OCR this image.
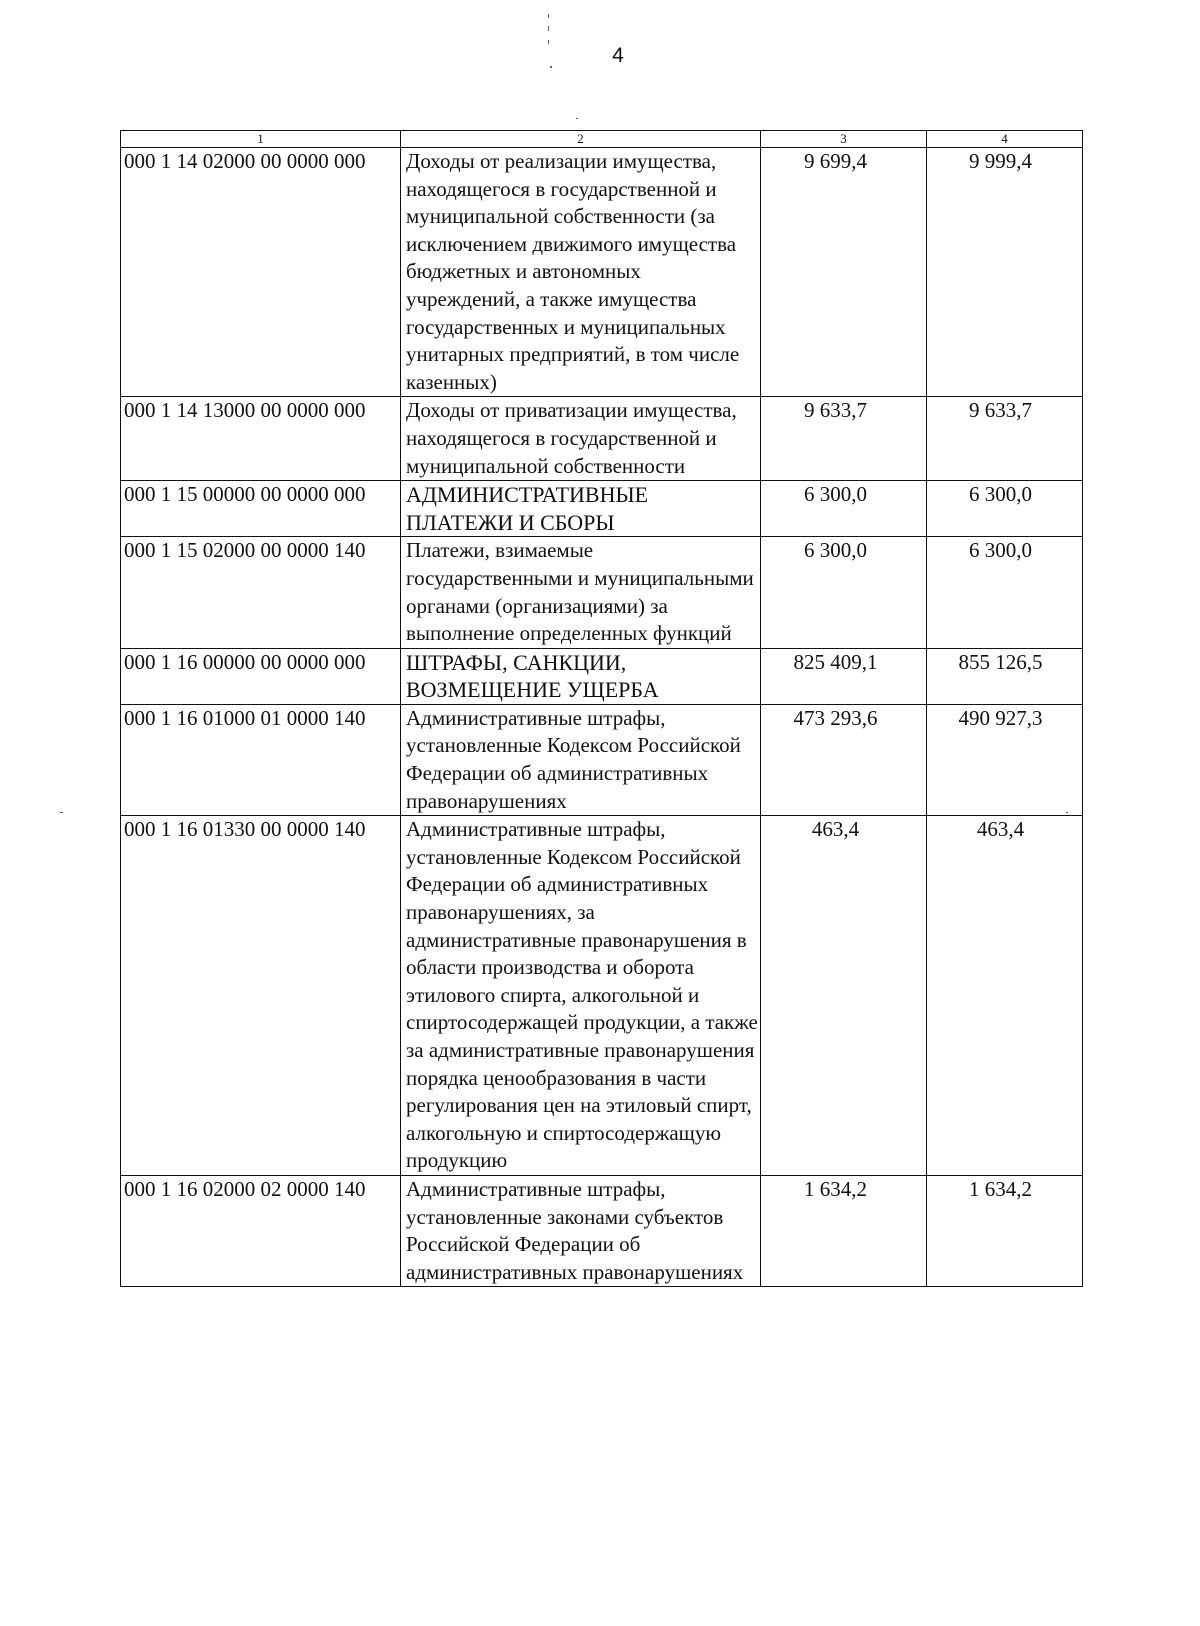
4
1	2	3	4
000 1 14 02000 00 0000 000	Доходы от реализации имущества, находящегося в государственной и муниципальной собственности (за исключением движимого имущества бюджетных и автономных учреждений, а также имущества государственных и муниципальных унитарных предприятий, в том числе казенных)	9 699,4	9 999,4
000 1 14 13000 00 0000 000	Доходы от приватизации имущества, находящегося в государственной и муниципальной собственности	9 633,7	9 633,7
000 1 15 00000 00 0000 000	АДМИНИСТРАТИВНЫЕ ПЛАТЕЖИ И СБОРЫ	6 300,0	6 300,0
000 1 15 02000 00 0000 140	Платежи, взимаемые государственными и муниципальными органами (организациями) за выполнение определенных функций	6 300,0	6 300,0
000 1 16 00000 00 0000 000	ШТРАФЫ, САНКЦИИ, ВОЗМЕЩЕНИЕ УЩЕРБА	825 409,1	855 126,5
000 1 16 01000 01 0000 140	Административные штрафы, установленные Кодексом Российской Федерации об административных правонарушениях	473 293,6	490 927,3
000 1 16 01330 00 0000 140	Административные штрафы, установленные Кодексом Российской Федерации об административных правонарушениях, за административные правонарушения в области производства и оборота этилового спирта, алкогольной и спиртосодержащей продукции, а также за административные правонарушения порядка ценообразования в части регулирования цен на этиловый спирт, алкогольную и спиртосодержащую продукцию	463,4	463,4
000 1 16 02000 02 0000 140	Административные штрафы, установленные законами субъектов Российской Федерации об административных правонарушениях	1 634,2	1 634,2
